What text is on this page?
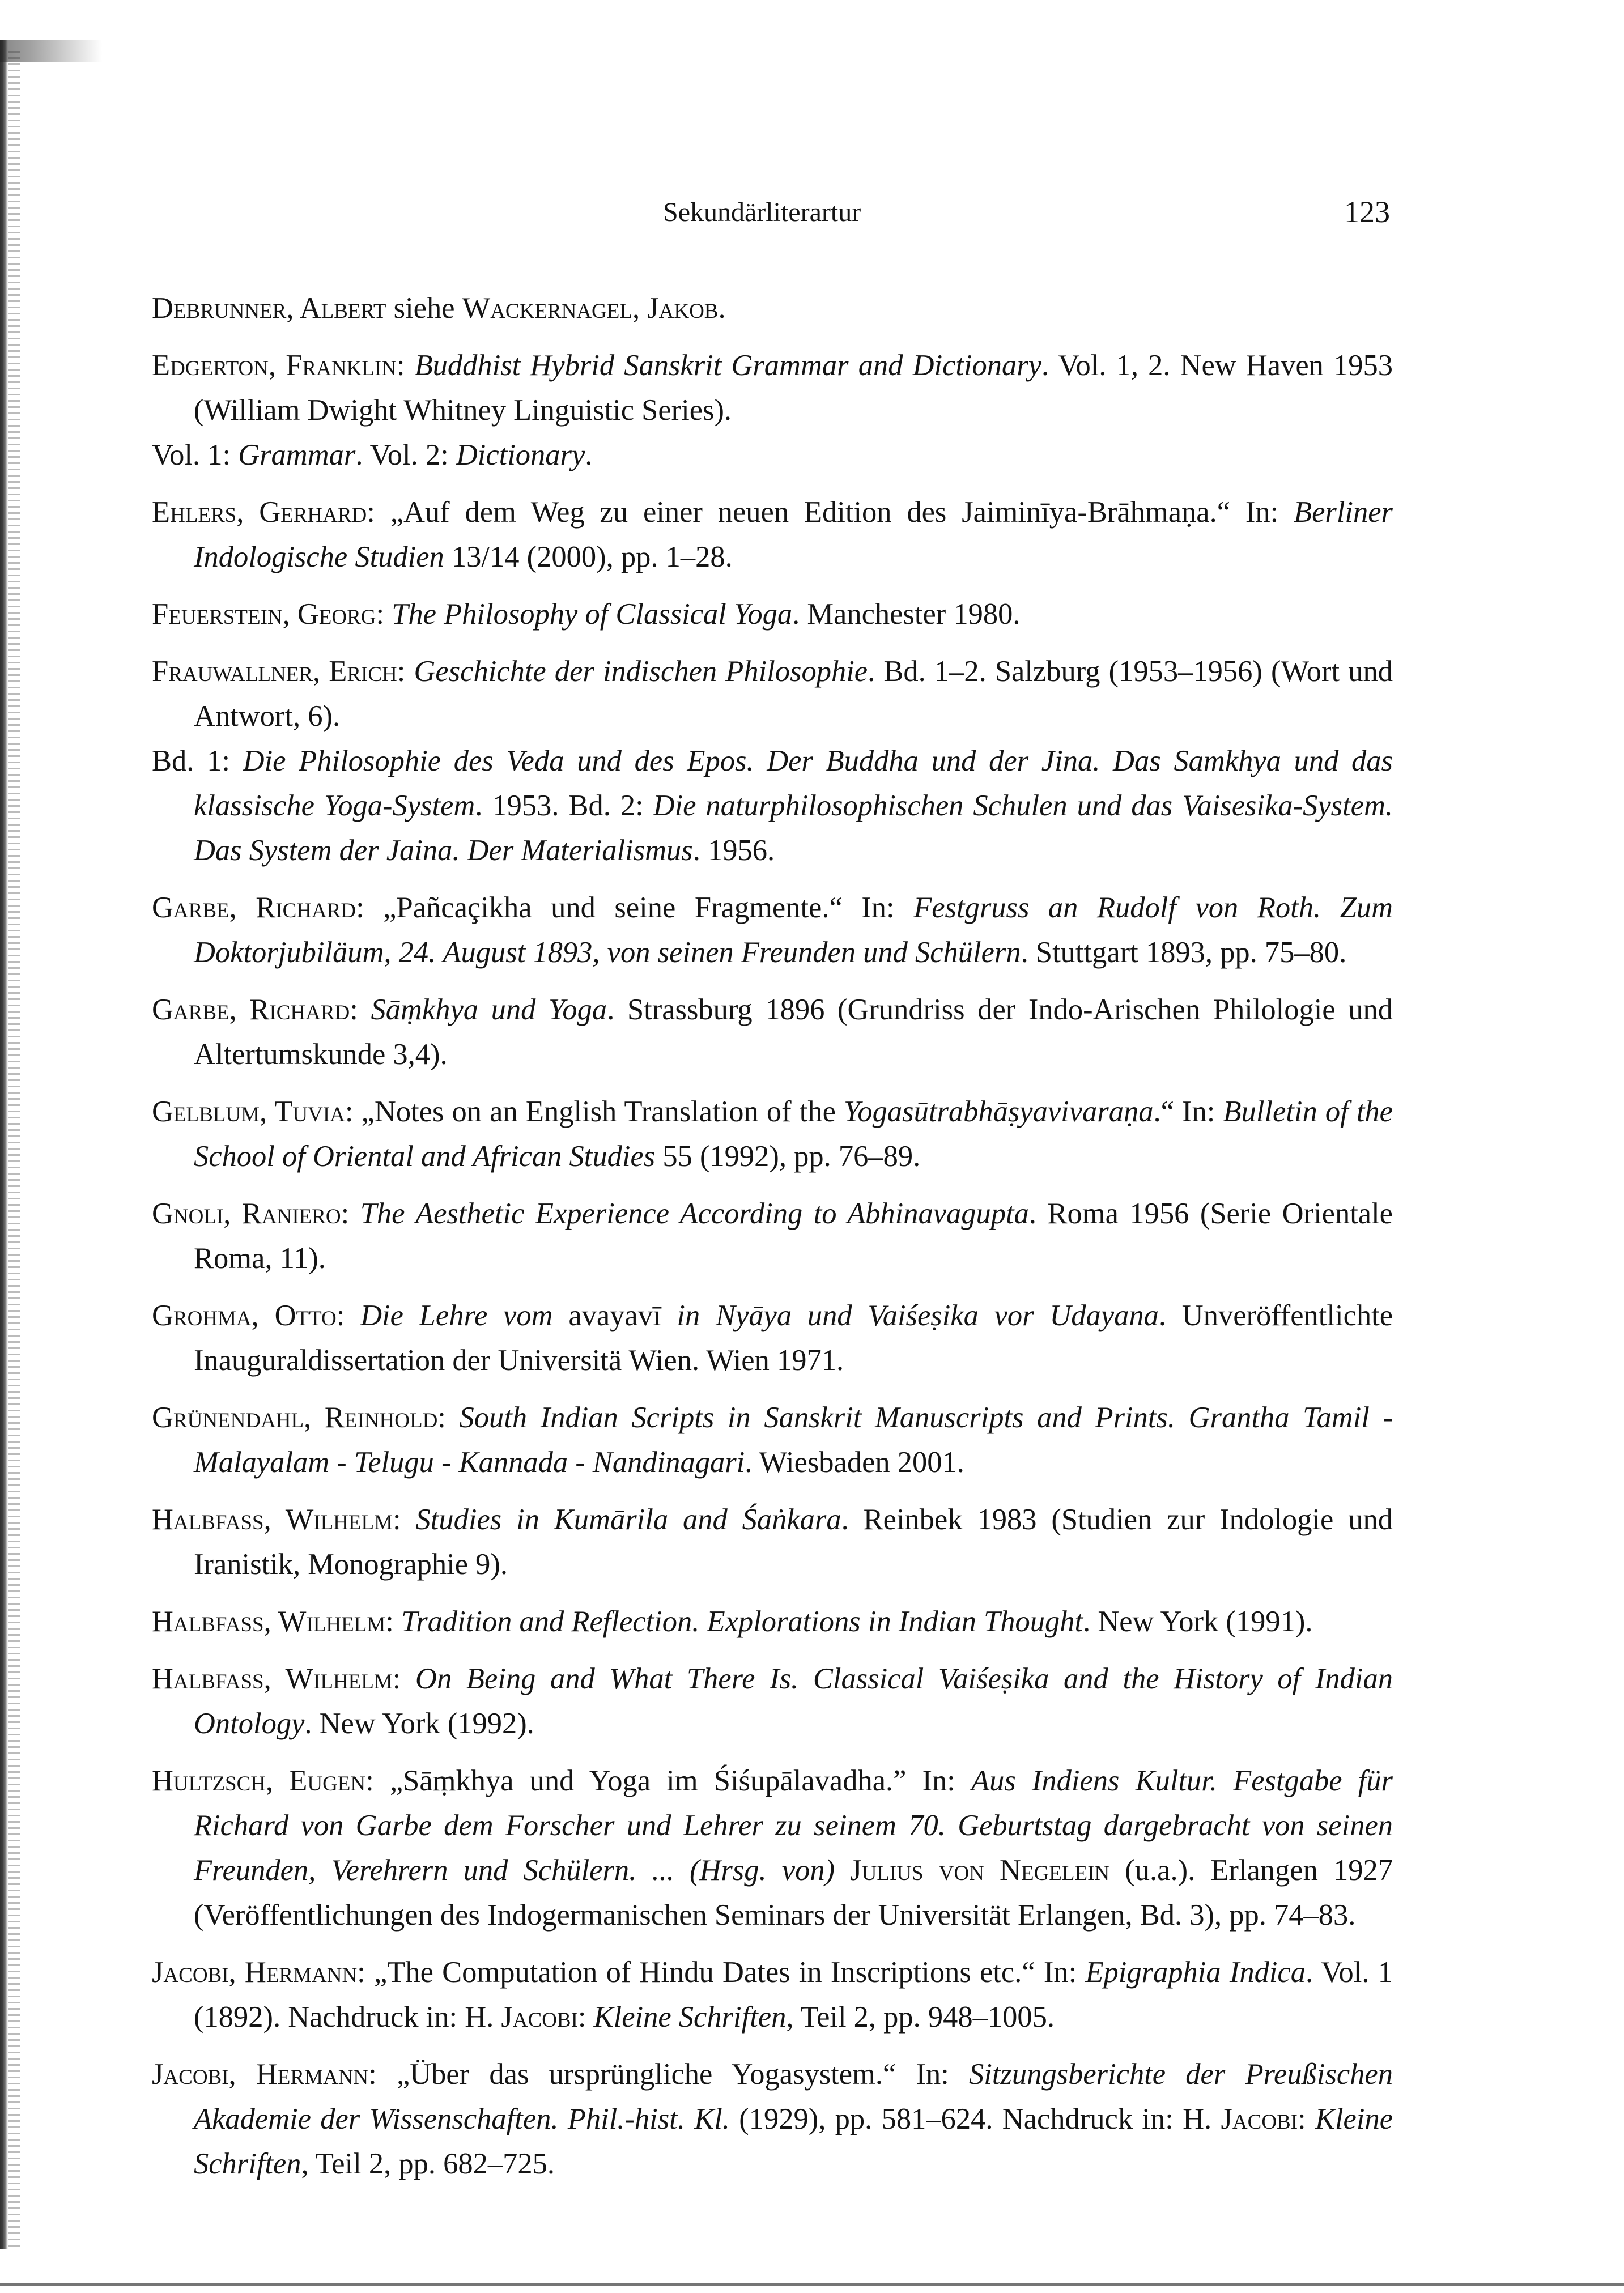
Sekundärliterartur	123

Debrunner, Albert siehe Wackernagel, Jakob.

Edgerton, Franklin: Buddhist Hybrid Sanskrit Grammar and Dictionary. Vol. 1, 2. New Haven 1953 (William Dwight Whitney Linguistic Series).
Vol. 1: Grammar. Vol. 2: Dictionary.

Ehlers, Gerhard: „Auf dem Weg zu einer neuen Edition des Jaiminīya-Brāhmaṇa.“ In: Berliner Indologische Studien 13/14 (2000), pp. 1–28.

Feuerstein, Georg: The Philosophy of Classical Yoga. Manchester 1980.

Frauwallner, Erich: Geschichte der indischen Philosophie. Bd. 1–2. Salzburg (1953–1956) (Wort und Antwort, 6).
Bd. 1: Die Philosophie des Veda und des Epos. Der Buddha und der Jina. Das Samkhya und das klassische Yoga-System. 1953. Bd. 2: Die naturphilosophischen Schulen und das Vaisesika-System. Das System der Jaina. Der Materialismus. 1956.

Garbe, Richard: „Pañcaçikha und seine Fragmente.“ In: Festgruss an Rudolf von Roth. Zum Doktorjubiläum, 24. August 1893, von seinen Freunden und Schülern. Stuttgart 1893, pp. 75–80.

Garbe, Richard: Sāṃkhya und Yoga. Strassburg 1896 (Grundriss der Indo-Arischen Philologie und Altertumskunde 3,4).

Gelblum, Tuvia: „Notes on an English Translation of the Yogasūtrabhāṣyavivaraṇa.“ In: Bulletin of the School of Oriental and African Studies 55 (1992), pp. 76–89.

Gnoli, Raniero: The Aesthetic Experience According to Abhinavagupta. Roma 1956 (Serie Orientale Roma, 11).

Grohma, Otto: Die Lehre vom avayavī in Nyāya und Vaiśeṣika vor Udayana. Unveröffentlichte Inauguraldissertation der Universitä Wien. Wien 1971.

Grünendahl, Reinhold: South Indian Scripts in Sanskrit Manuscripts and Prints. Grantha Tamil - Malayalam - Telugu - Kannada - Nandinagari. Wiesbaden 2001.

Halbfass, Wilhelm: Studies in Kumārila and Śaṅkara. Reinbek 1983 (Studien zur Indologie und Iranistik, Monographie 9).

Halbfass, Wilhelm: Tradition and Reflection. Explorations in Indian Thought. New York (1991).

Halbfass, Wilhelm: On Being and What There Is. Classical Vaiśeṣika and the History of Indian Ontology. New York (1992).

Hultzsch, Eugen: „Sāṃkhya und Yoga im Śiśupālavadha.” In: Aus Indiens Kultur. Festgabe für Richard von Garbe dem Forscher und Lehrer zu seinem 70. Geburtstag dargebracht von seinen Freunden, Verehrern und Schülern. ... (Hrsg. von) Julius von Negelein (u.a.). Erlangen 1927 (Veröffentlichungen des Indogermanischen Seminars der Universität Erlangen, Bd. 3), pp. 74–83.

Jacobi, Hermann: „The Computation of Hindu Dates in Inscriptions etc.“ In: Epigraphia Indica. Vol. 1 (1892). Nachdruck in: H. Jacobi: Kleine Schriften, Teil 2, pp. 948–1005.

Jacobi, Hermann: „Über das ursprüngliche Yogasystem.“ In: Sitzungsberichte der Preußischen Akademie der Wissenschaften. Phil.-hist. Kl. (1929), pp. 581–624. Nachdruck in: H. Jacobi: Kleine Schriften, Teil 2, pp. 682–725.
